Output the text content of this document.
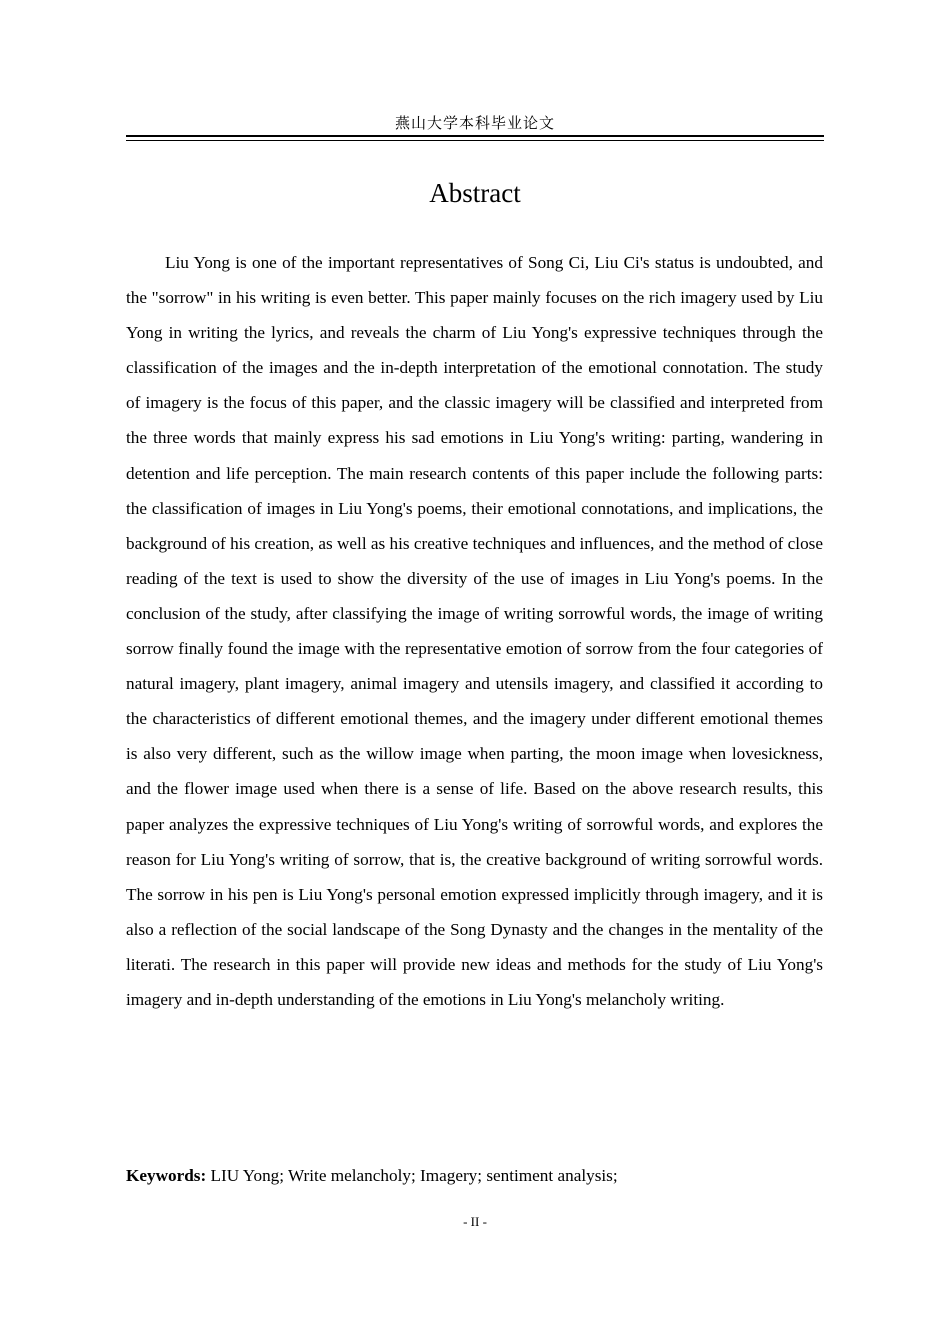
燕山大学本科毕业论文
Abstract

Liu Yong is one of the important representatives of Song Ci, Liu Ci's status is undoubted, and the "sorrow" in his writing is even better. This paper mainly focuses on the rich imagery used by Liu Yong in writing the lyrics, and reveals the charm of Liu Yong's expressive techniques through the classification of the images and the in-depth interpretation of the emotional connotation. The study of imagery is the focus of this paper, and the classic imagery will be classified and interpreted from the three words that mainly express his sad emotions in Liu Yong's writing: parting, wandering in detention and life perception. The main research contents of this paper include the following parts: the classification of images in Liu Yong's poems, their emotional connotations, and implications, the background of his creation, as well as his creative techniques and influences, and the method of close reading of the text is used to show the diversity of the use of images in Liu Yong's poems. In the conclusion of the study, after classifying the image of writing sorrowful words, the image of writing sorrow finally found the image with the representative emotion of sorrow from the four categories of natural imagery, plant imagery, animal imagery and utensils imagery, and classified it according to the characteristics of different emotional themes, and the imagery under different emotional themes is also very different, such as the willow image when parting, the moon image when lovesickness, and the flower image used when there is a sense of life. Based on the above research results, this paper analyzes the expressive techniques of Liu Yong's writing of sorrowful words, and explores the reason for Liu Yong's writing of sorrow, that is, the creative background of writing sorrowful words. The sorrow in his pen is Liu Yong's personal emotion expressed implicitly through imagery, and it is also a reflection of the social landscape of the Song Dynasty and the changes in the mentality of the literati. The research in this paper will provide new ideas and methods for the study of Liu Yong's imagery and in-depth understanding of the emotions in Liu Yong's melancholy writing.

Keywords: LIU Yong; Write melancholy; Imagery; sentiment analysis;

- II -
